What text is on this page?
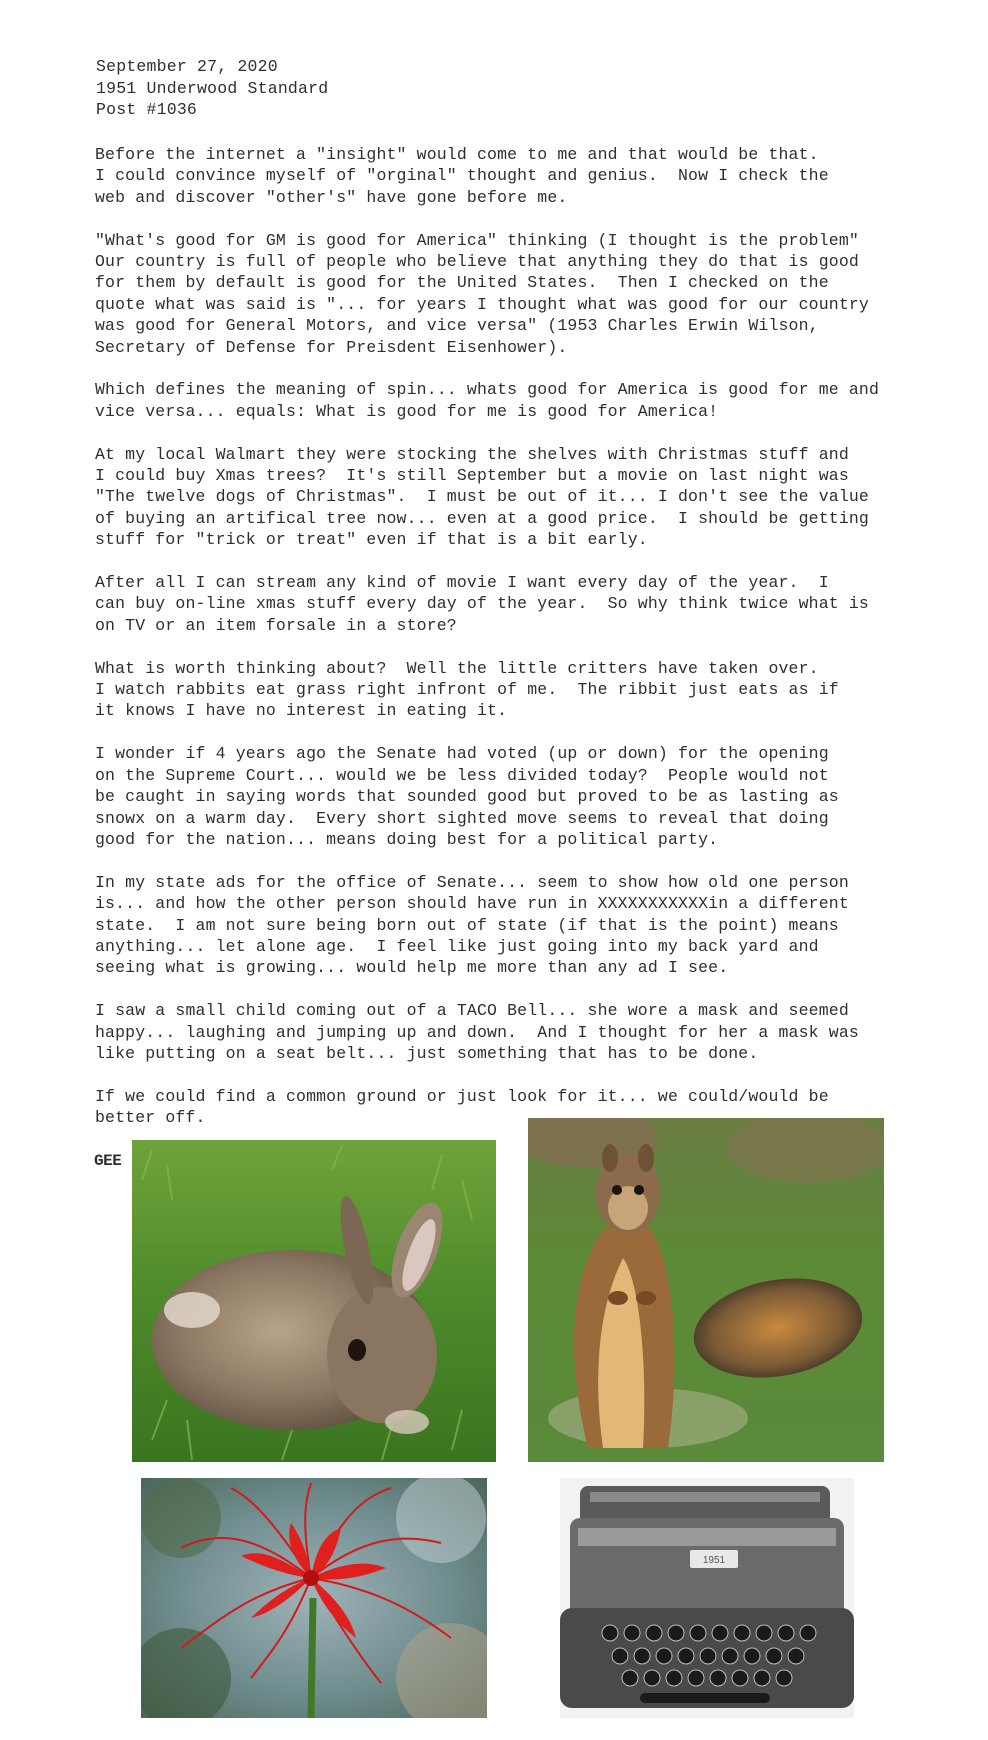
September 27, 2020
1951 Underwood Standard
Post #1036
Before the internet a "insight" would come to me and that would be that.
I could convince myself of "orginal" thought and genius.  Now I check the
web and discover "other's" have gone before me.
"What's good for GM is good for America" thinking (I thought is the problem"
Our country is full of people who believe that anything they do that is good
for them by default is good for the United States.  Then I checked on the
quote what was said is "... for years I thought what was good for our country
was good for General Motors, and vice versa" (1953 Charles Erwin Wilson,
Secretary of Defense for Preisdent Eisenhower).
Which defines the meaning of spin... whats good for America is good for me and
vice versa... equals: What is good for me is good for America!
At my local Walmart they were stocking the shelves with Christmas stuff and
I could buy Xmas trees?  It's still September but a movie on last night was
"The twelve dogs of Christmas".  I must be out of it... I don't see the value
of buying an artifical tree now... even at a good price.  I should be getting
stuff for "trick or treat" even if that is a bit early.
After all I can stream any kind of movie I want every day of the year.  I
can buy on-line xmas stuff every day of the year.  So why think twice what is
on TV or an item forsale in a store?
What is worth thinking about?  Well the little critters have taken over.
I watch rabbits eat grass right infront of me.  The ribbit just eats as if
it knows I have no interest in eating it.
I wonder if 4 years ago the Senate had voted (up or down) for the opening
on the Supreme Court... would we be less divided today?  People would not
be caught in saying words that sounded good but proved to be as lasting as
snowx on a warm day.  Every short sighted move seems to reveal that doing
good for the nation... means doing best for a political party.
In my state ads for the office of Senate... seem to show how old one person
is... and how the other person should have run in XXXXXXXXXXXin a different
state.  I am not sure being born out of state (if that is the point) means
anything... let alone age.  I feel like just going into my back yard and
seeing what is growing... would help me more than any ad I see.
I saw a small child coming out of a TACO Bell... she wore a mask and seemed
happy... laughing and jumping up and down.  And I thought for her a mask was
like putting on a seat belt... just something that has to be done.
If we could find a common ground or just look for it... we could/would be
better off.
GEE
1951
